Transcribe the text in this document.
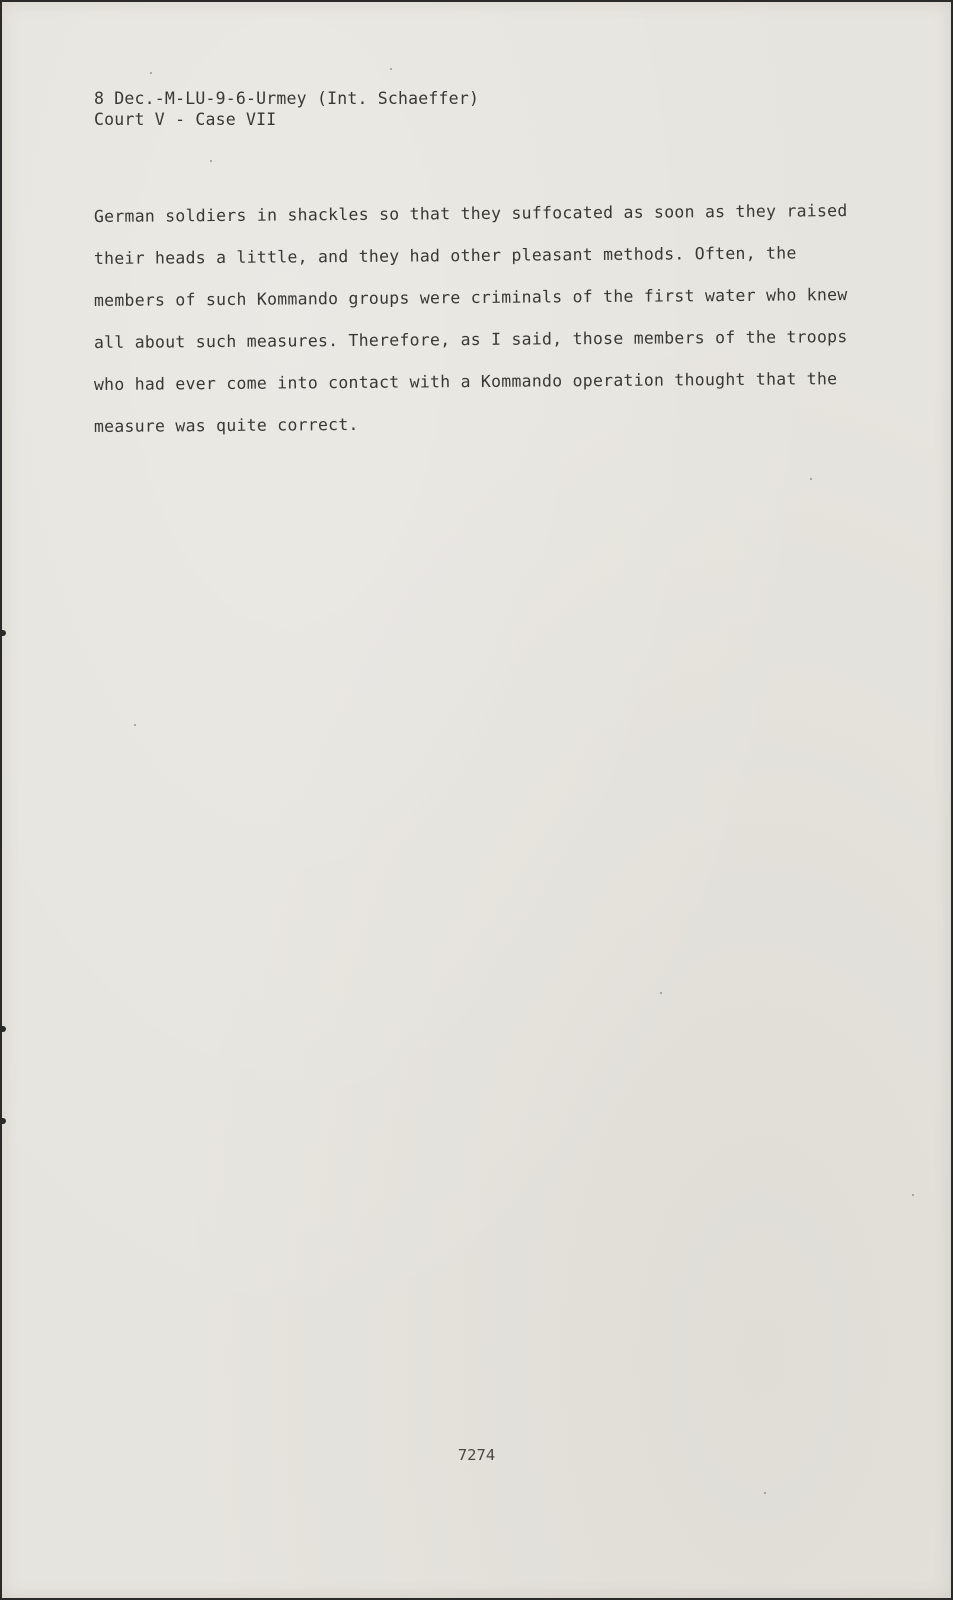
8 Dec.-M-LU-9-6-Urmey (Int. Schaeffer)
Court V - Case VII
German soldiers in shackles so that they suffocated as soon as they raised
their heads a little, and they had other pleasant methods. Often, the
members of such Kommando groups were criminals of the first water who knew
all about such measures. Therefore, as I said, those members of the troops
who had ever come into contact with a Kommando operation thought that the
measure was quite correct.
7274
